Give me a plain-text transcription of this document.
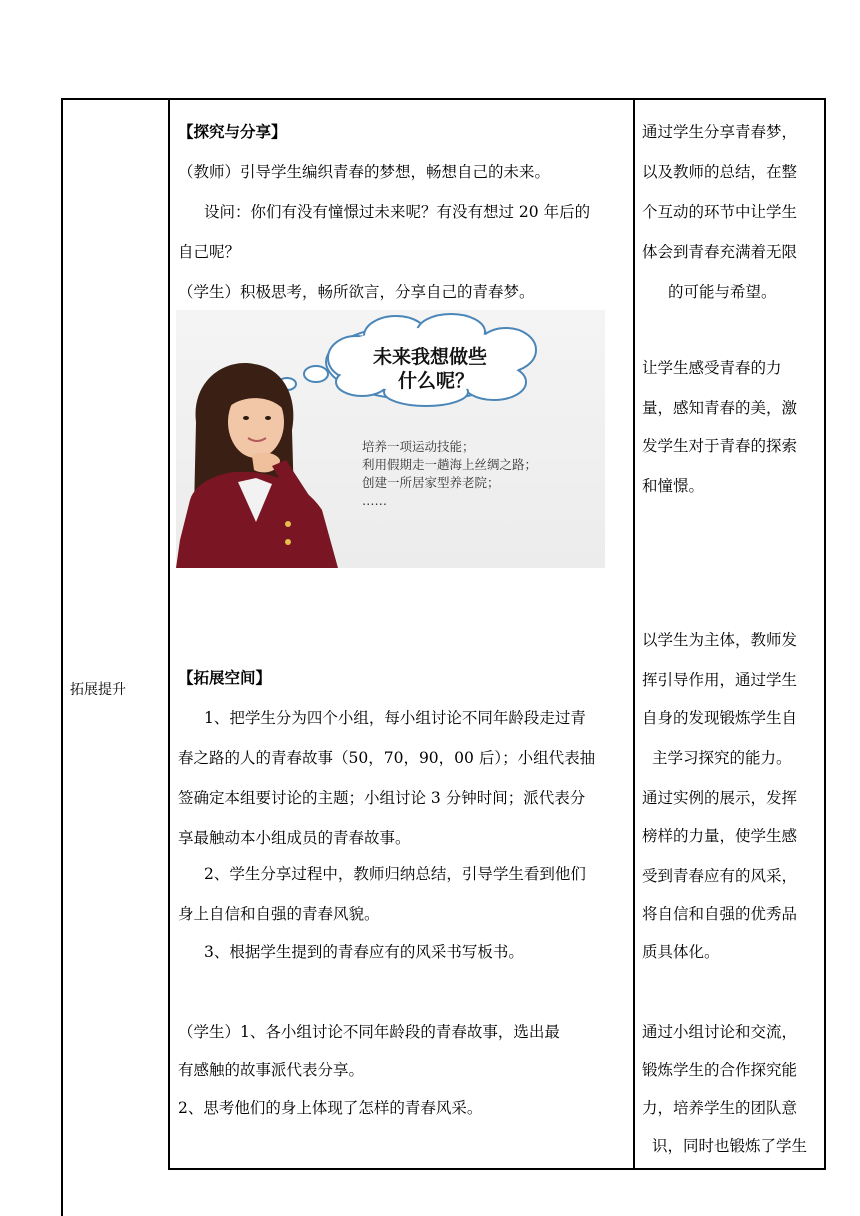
拓展提升
【探究与分享】
（教师）引导学生编织青春的梦想，畅想自己的未来。
设问：你们有没有憧憬过未来呢？有没有想过 20 年后的
自己呢？
（学生）积极思考，畅所欲言，分享自己的青春梦。
未来我想做些
什么呢？
培养一项运动技能；
利用假期走一趟海上丝绸之路；
创建一所居家型养老院；
……
【拓展空间】
1、把学生分为四个小组，每小组讨论不同年龄段走过青
春之路的人的青春故事（50，70，90，00 后）；小组代表抽
签确定本组要讨论的主题；小组讨论 3 分钟时间；派代表分
享最触动本小组成员的青春故事。
2、学生分享过程中，教师归纳总结，引导学生看到他们
身上自信和自强的青春风貌。
3、根据学生提到的青春应有的风采书写板书。
（学生）1、各小组讨论不同年龄段的青春故事，选出最
有感触的故事派代表分享。
2、思考他们的身上体现了怎样的青春风采。
通过学生分享青春梦，
以及教师的总结，在整
个互动的环节中让学生
体会到青春充满着无限
的可能与希望。
让学生感受青春的力
量，感知青春的美，激
发学生对于青春的探索
和憧憬。
以学生为主体，教师发
挥引导作用，通过学生
自身的发现锻炼学生自
主学习探究的能力。
通过实例的展示，发挥
榜样的力量，使学生感
受到青春应有的风采，
将自信和自强的优秀品
质具体化。
通过小组讨论和交流，
锻炼学生的合作探究能
力，培养学生的团队意
识，同时也锻炼了学生
